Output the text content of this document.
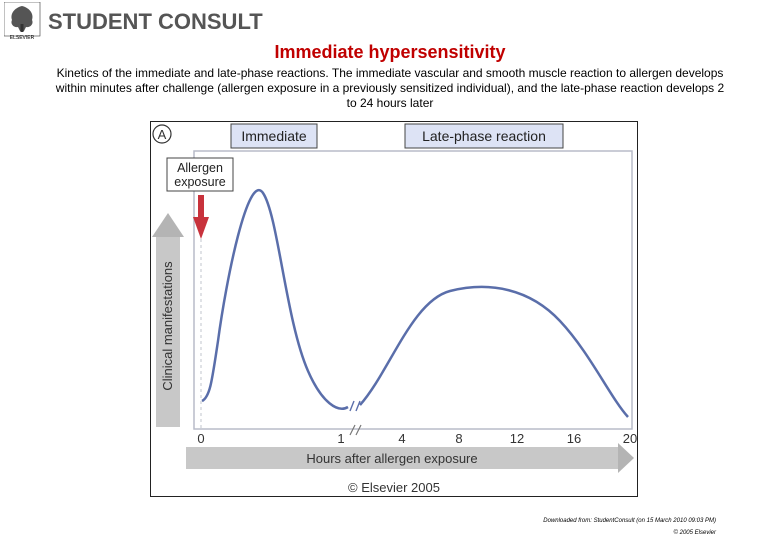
ELSEVIER
STUDENT CONSULT
Immediate hypersensitivity
Kinetics of the immediate and late-phase reactions. The immediate vascular and smooth muscle reaction to allergen develops within minutes after challenge (allergen exposure in a previously sensitized individual), and the late-phase reaction develops 2 to 24 hours later
A	Immediate	Late-phase reaction
Allergen
exposure
Clinical manifestations
0	1	4	8	12	16	20
Hours after allergen exposure
© Elsevier 2005
Downloaded from: StudentConsult (on 15 March 2010 09:03 PM)
© 2005 Elsevier
